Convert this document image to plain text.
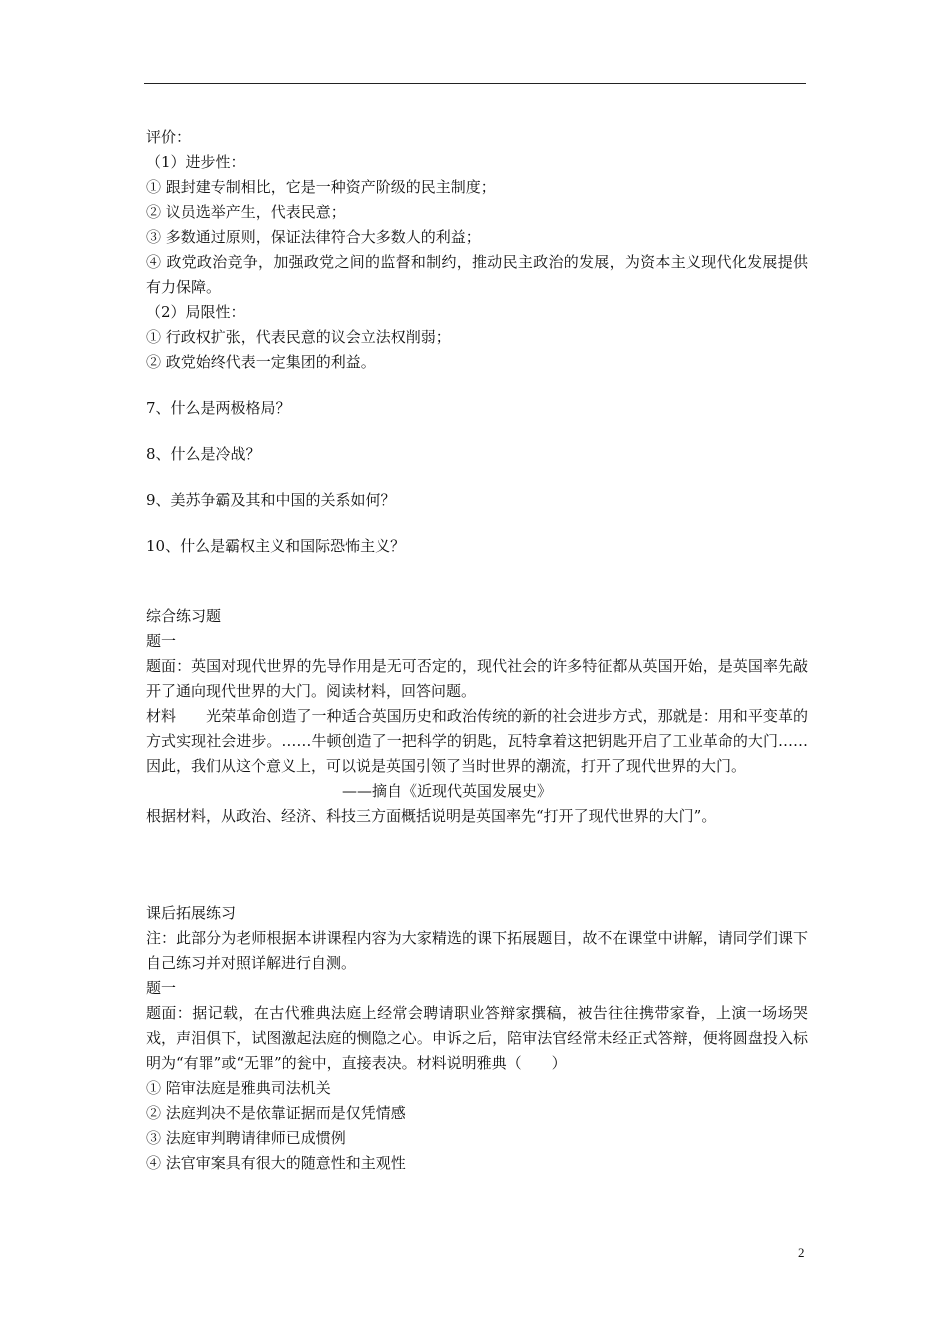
评价：
（1）进步性：
① 跟封建专制相比，它是一种资产阶级的民主制度；
② 议员选举产生，代表民意；
③ 多数通过原则，保证法律符合大多数人的利益；
④ 政党政治竞争，加强政党之间的监督和制约，推动民主政治的发展，为资本主义现代化发展提供有力保障。
（2）局限性：
① 行政权扩张，代表民意的议会立法权削弱；
② 政党始终代表一定集团的利益。
7、什么是两极格局？
8、什么是冷战？
9、美苏争霸及其和中国的关系如何？
10、什么是霸权主义和国际恐怖主义？
综合练习题
题一
题面：英国对现代世界的先导作用是无可否定的，现代社会的许多特征都从英国开始，是英国率先敲开了通向现代世界的大门。阅读材料，回答问题。
材料　　光荣革命创造了一种适合英国历史和政治传统的新的社会进步方式，那就是：用和平变革的方式实现社会进步。……牛顿创造了一把科学的钥匙，瓦特拿着这把钥匙开启了工业革命的大门……因此，我们从这个意义上，可以说是英国引领了当时世界的潮流，打开了现代世界的大门。
——摘自《近现代英国发展史》
根据材料，从政治、经济、科技三方面概括说明是英国率先“打开了现代世界的大门”。
课后拓展练习
注：此部分为老师根据本讲课程内容为大家精选的课下拓展题目，故不在课堂中讲解，请同学们课下自己练习并对照详解进行自测。
题一
题面：据记载，在古代雅典法庭上经常会聘请职业答辩家撰稿，被告往往携带家眷，上演一场场哭戏，声泪俱下，试图激起法庭的恻隐之心。申诉之后，陪审法官经常未经正式答辩，便将圆盘投入标明为“有罪”或“无罪”的瓮中，直接表决。材料说明雅典（　　）
① 陪审法庭是雅典司法机关
② 法庭判决不是依靠证据而是仅凭情感
③ 法庭审判聘请律师已成惯例
④ 法官审案具有很大的随意性和主观性
2
